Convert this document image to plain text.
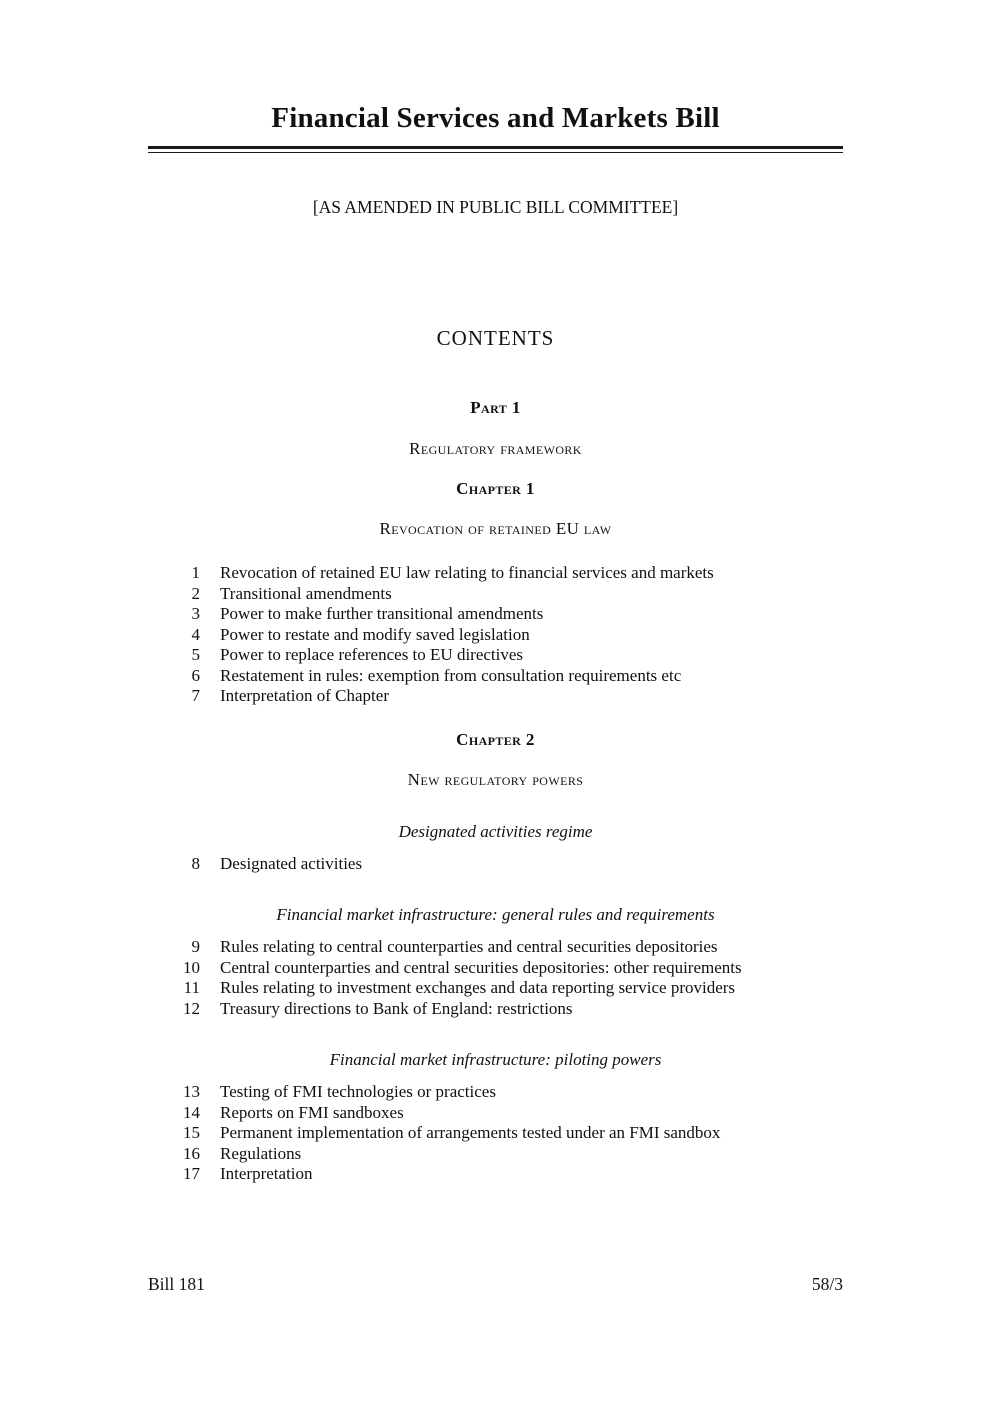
Financial Services and Markets Bill
[AS AMENDED IN PUBLIC BILL COMMITTEE]
CONTENTS
Part 1
Regulatory framework
Chapter 1
Revocation of retained EU law
1 Revocation of retained EU law relating to financial services and markets
2 Transitional amendments
3 Power to make further transitional amendments
4 Power to restate and modify saved legislation
5 Power to replace references to EU directives
6 Restatement in rules: exemption from consultation requirements etc
7 Interpretation of Chapter
Chapter 2
New regulatory powers
Designated activities regime
8 Designated activities
Financial market infrastructure: general rules and requirements
9 Rules relating to central counterparties and central securities depositories
10 Central counterparties and central securities depositories: other requirements
11 Rules relating to investment exchanges and data reporting service providers
12 Treasury directions to Bank of England: restrictions
Financial market infrastructure: piloting powers
13 Testing of FMI technologies or practices
14 Reports on FMI sandboxes
15 Permanent implementation of arrangements tested under an FMI sandbox
16 Regulations
17 Interpretation
Bill 181	58/3
